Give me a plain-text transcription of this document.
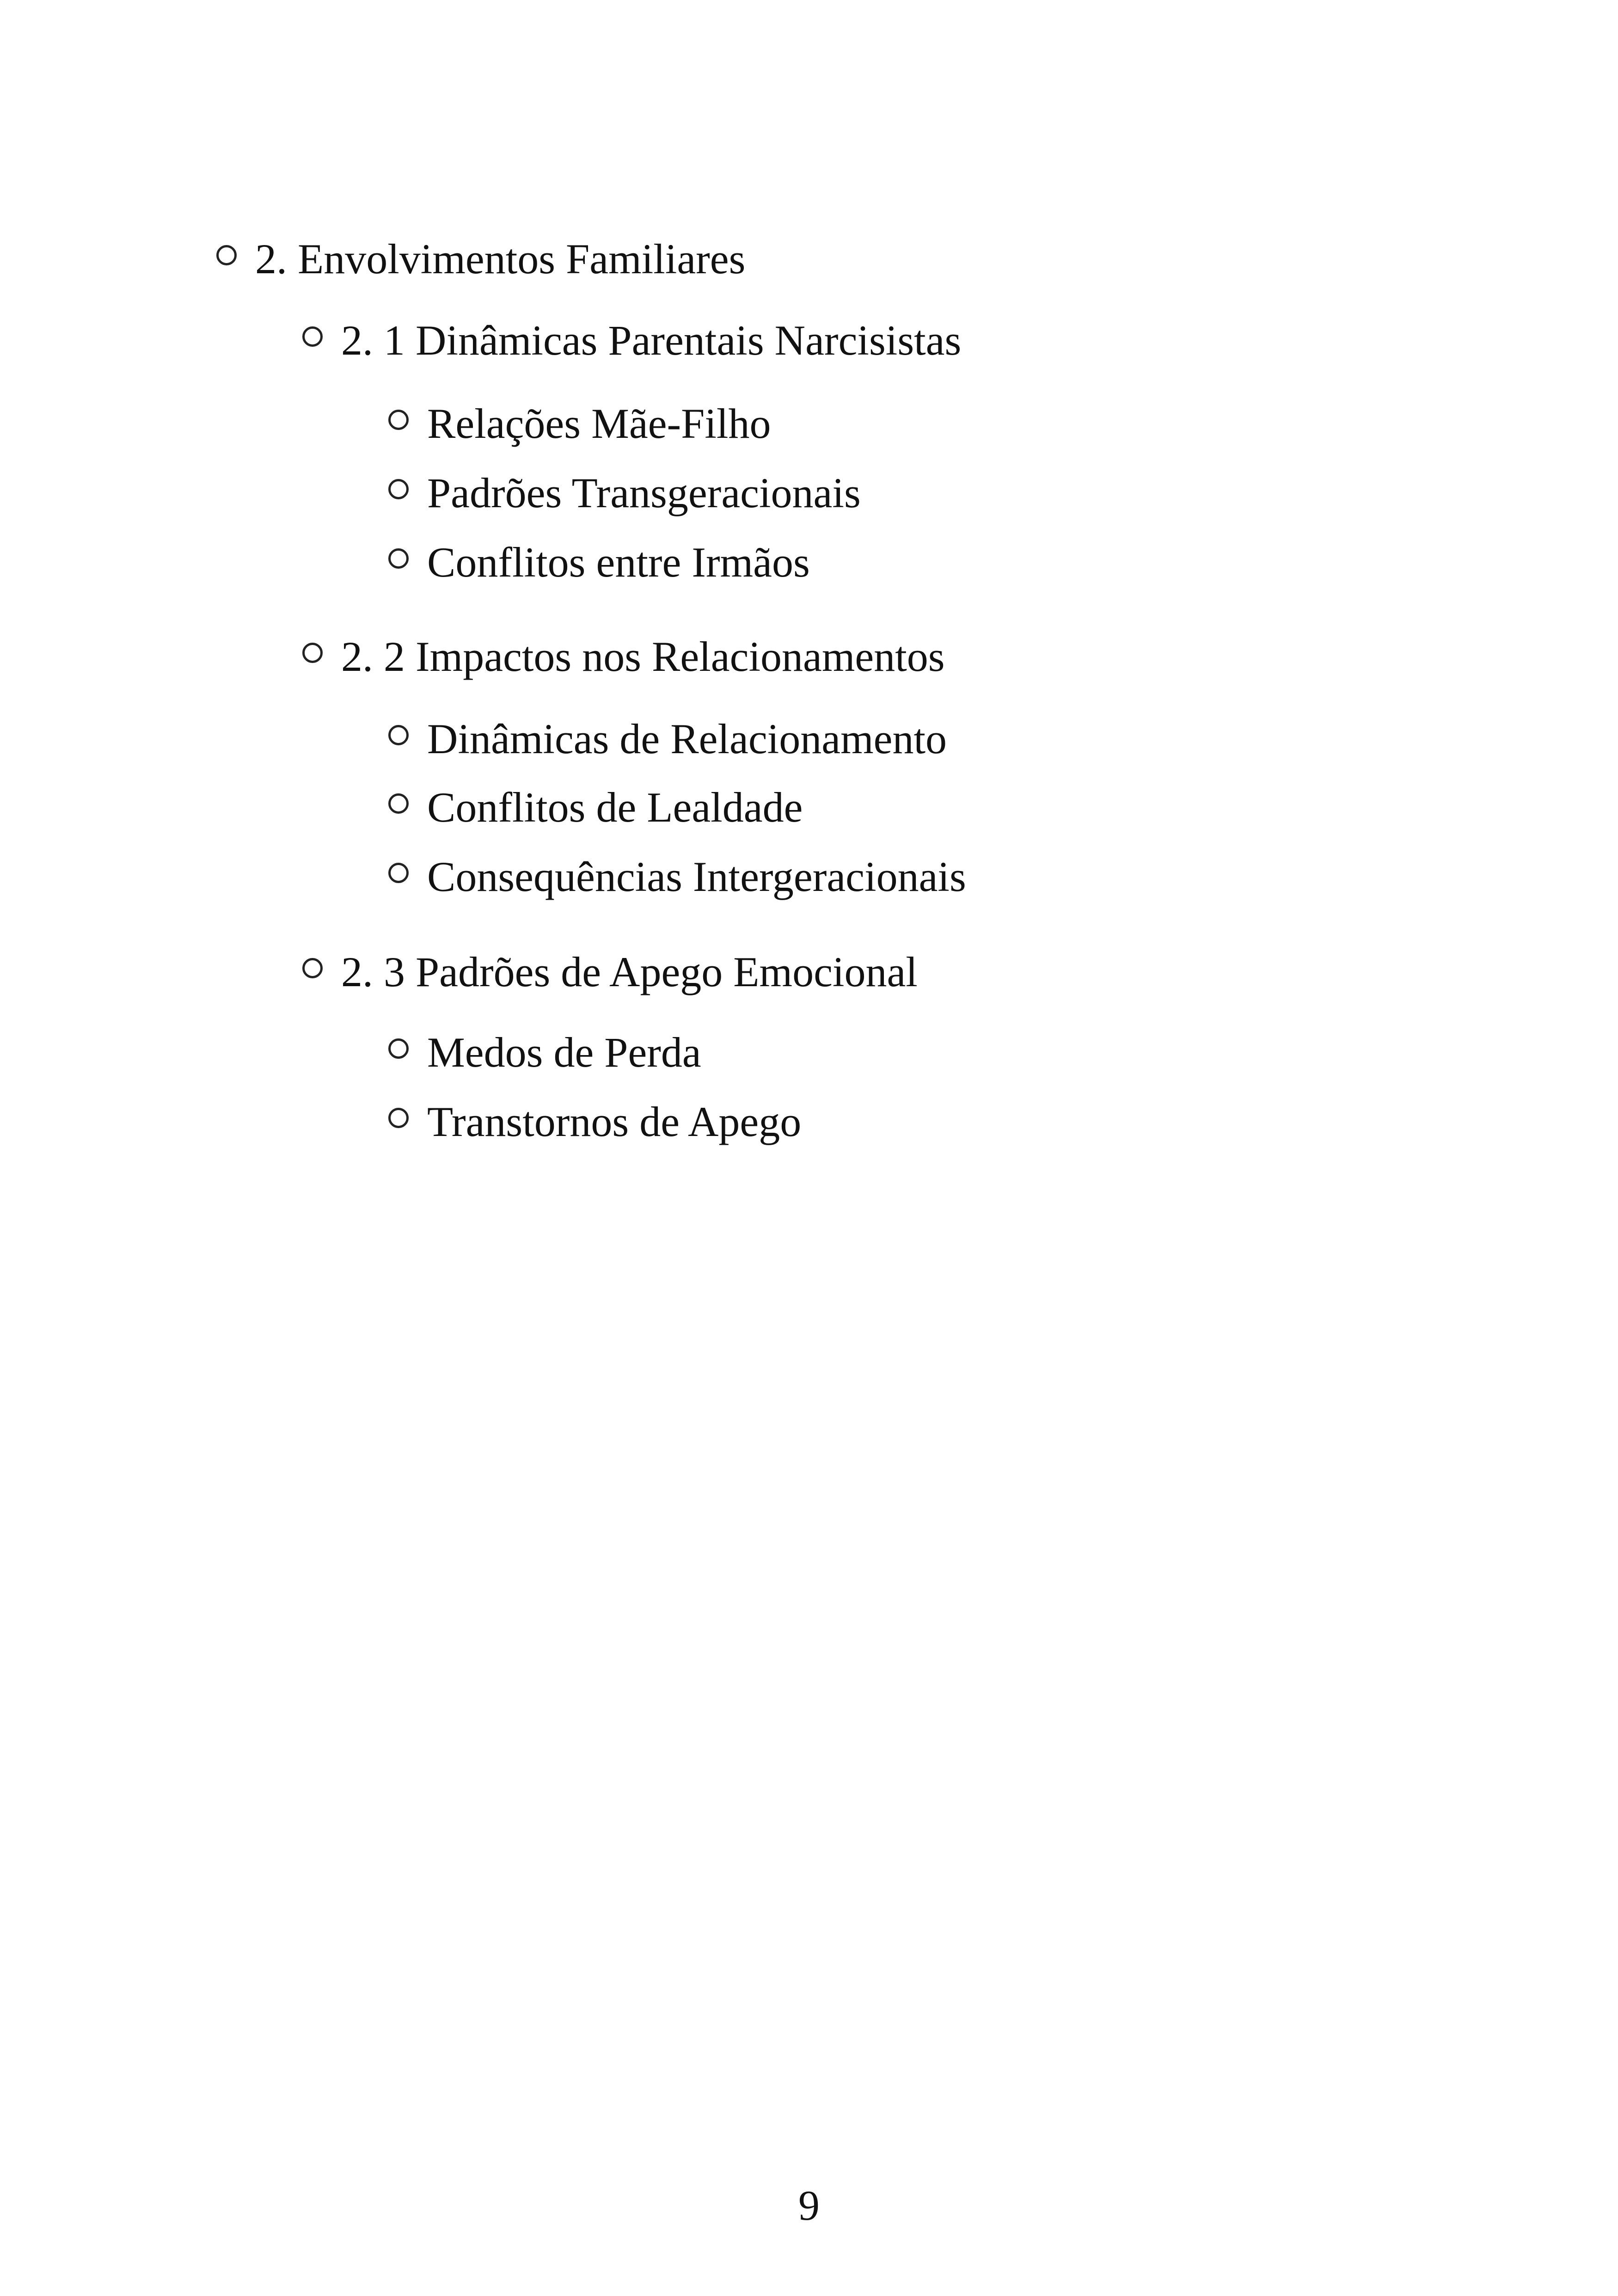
2. Envolvimentos Familiares
2. 1 Dinâmicas Parentais Narcisistas
Relações Mãe-Filho
Padrões Transgeracionais
Conflitos entre Irmãos
2. 2 Impactos nos Relacionamentos
Dinâmicas de Relacionamento
Conflitos de Lealdade
Consequências Intergeracionais
2. 3 Padrões de Apego Emocional
Medos de Perda
Transtornos de Apego
9
